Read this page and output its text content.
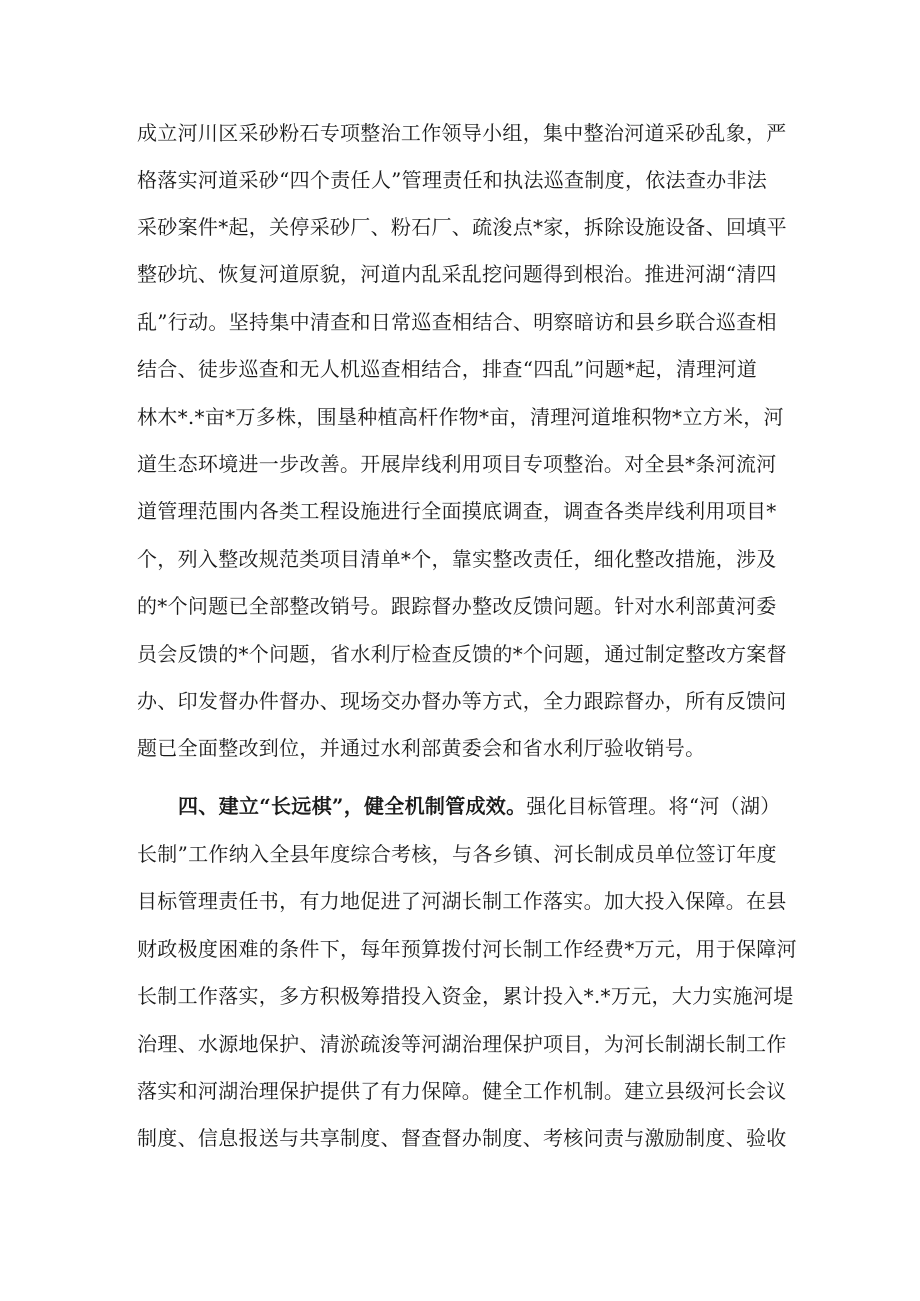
成立河川区采砂粉石专项整治工作领导小组，集中整治河道采砂乱象，严
格落实河道采砂“四个责任人”管理责任和执法巡查制度，依法查办非法
采砂案件*起，关停采砂厂、粉石厂、疏浚点*家，拆除设施设备、回填平
整砂坑、恢复河道原貌，河道内乱采乱挖问题得到根治。推进河湖“清四
乱”行动。坚持集中清查和日常巡查相结合、明察暗访和县乡联合巡查相
结合、徒步巡查和无人机巡查相结合，排查“四乱”问题*起，清理河道
林木*.*亩*万多株，围垦种植高杆作物*亩，清理河道堆积物*立方米，河
道生态环境进一步改善。开展岸线利用项目专项整治。对全县*条河流河
道管理范围内各类工程设施进行全面摸底调查，调查各类岸线利用项目*
个，列入整改规范类项目清单*个，靠实整改责任，细化整改措施，涉及
的*个问题已全部整改销号。跟踪督办整改反馈问题。针对水利部黄河委
员会反馈的*个问题，省水利厅检查反馈的*个问题，通过制定整改方案督
办、印发督办件督办、现场交办督办等方式，全力跟踪督办，所有反馈问
题已全面整改到位，并通过水利部黄委会和省水利厅验收销号。
四、建立“长远棋”，健全机制管成效。强化目标管理。将“河（湖）
长制”工作纳入全县年度综合考核，与各乡镇、河长制成员单位签订年度
目标管理责任书，有力地促进了河湖长制工作落实。加大投入保障。在县
财政极度困难的条件下，每年预算拨付河长制工作经费*万元，用于保障河
长制工作落实，多方积极筹措投入资金，累计投入*.*万元，大力实施河堤
治理、水源地保护、清淤疏浚等河湖治理保护项目，为河长制湖长制工作
落实和河湖治理保护提供了有力保障。健全工作机制。建立县级河长会议
制度、信息报送与共享制度、督查督办制度、考核问责与激励制度、验收
